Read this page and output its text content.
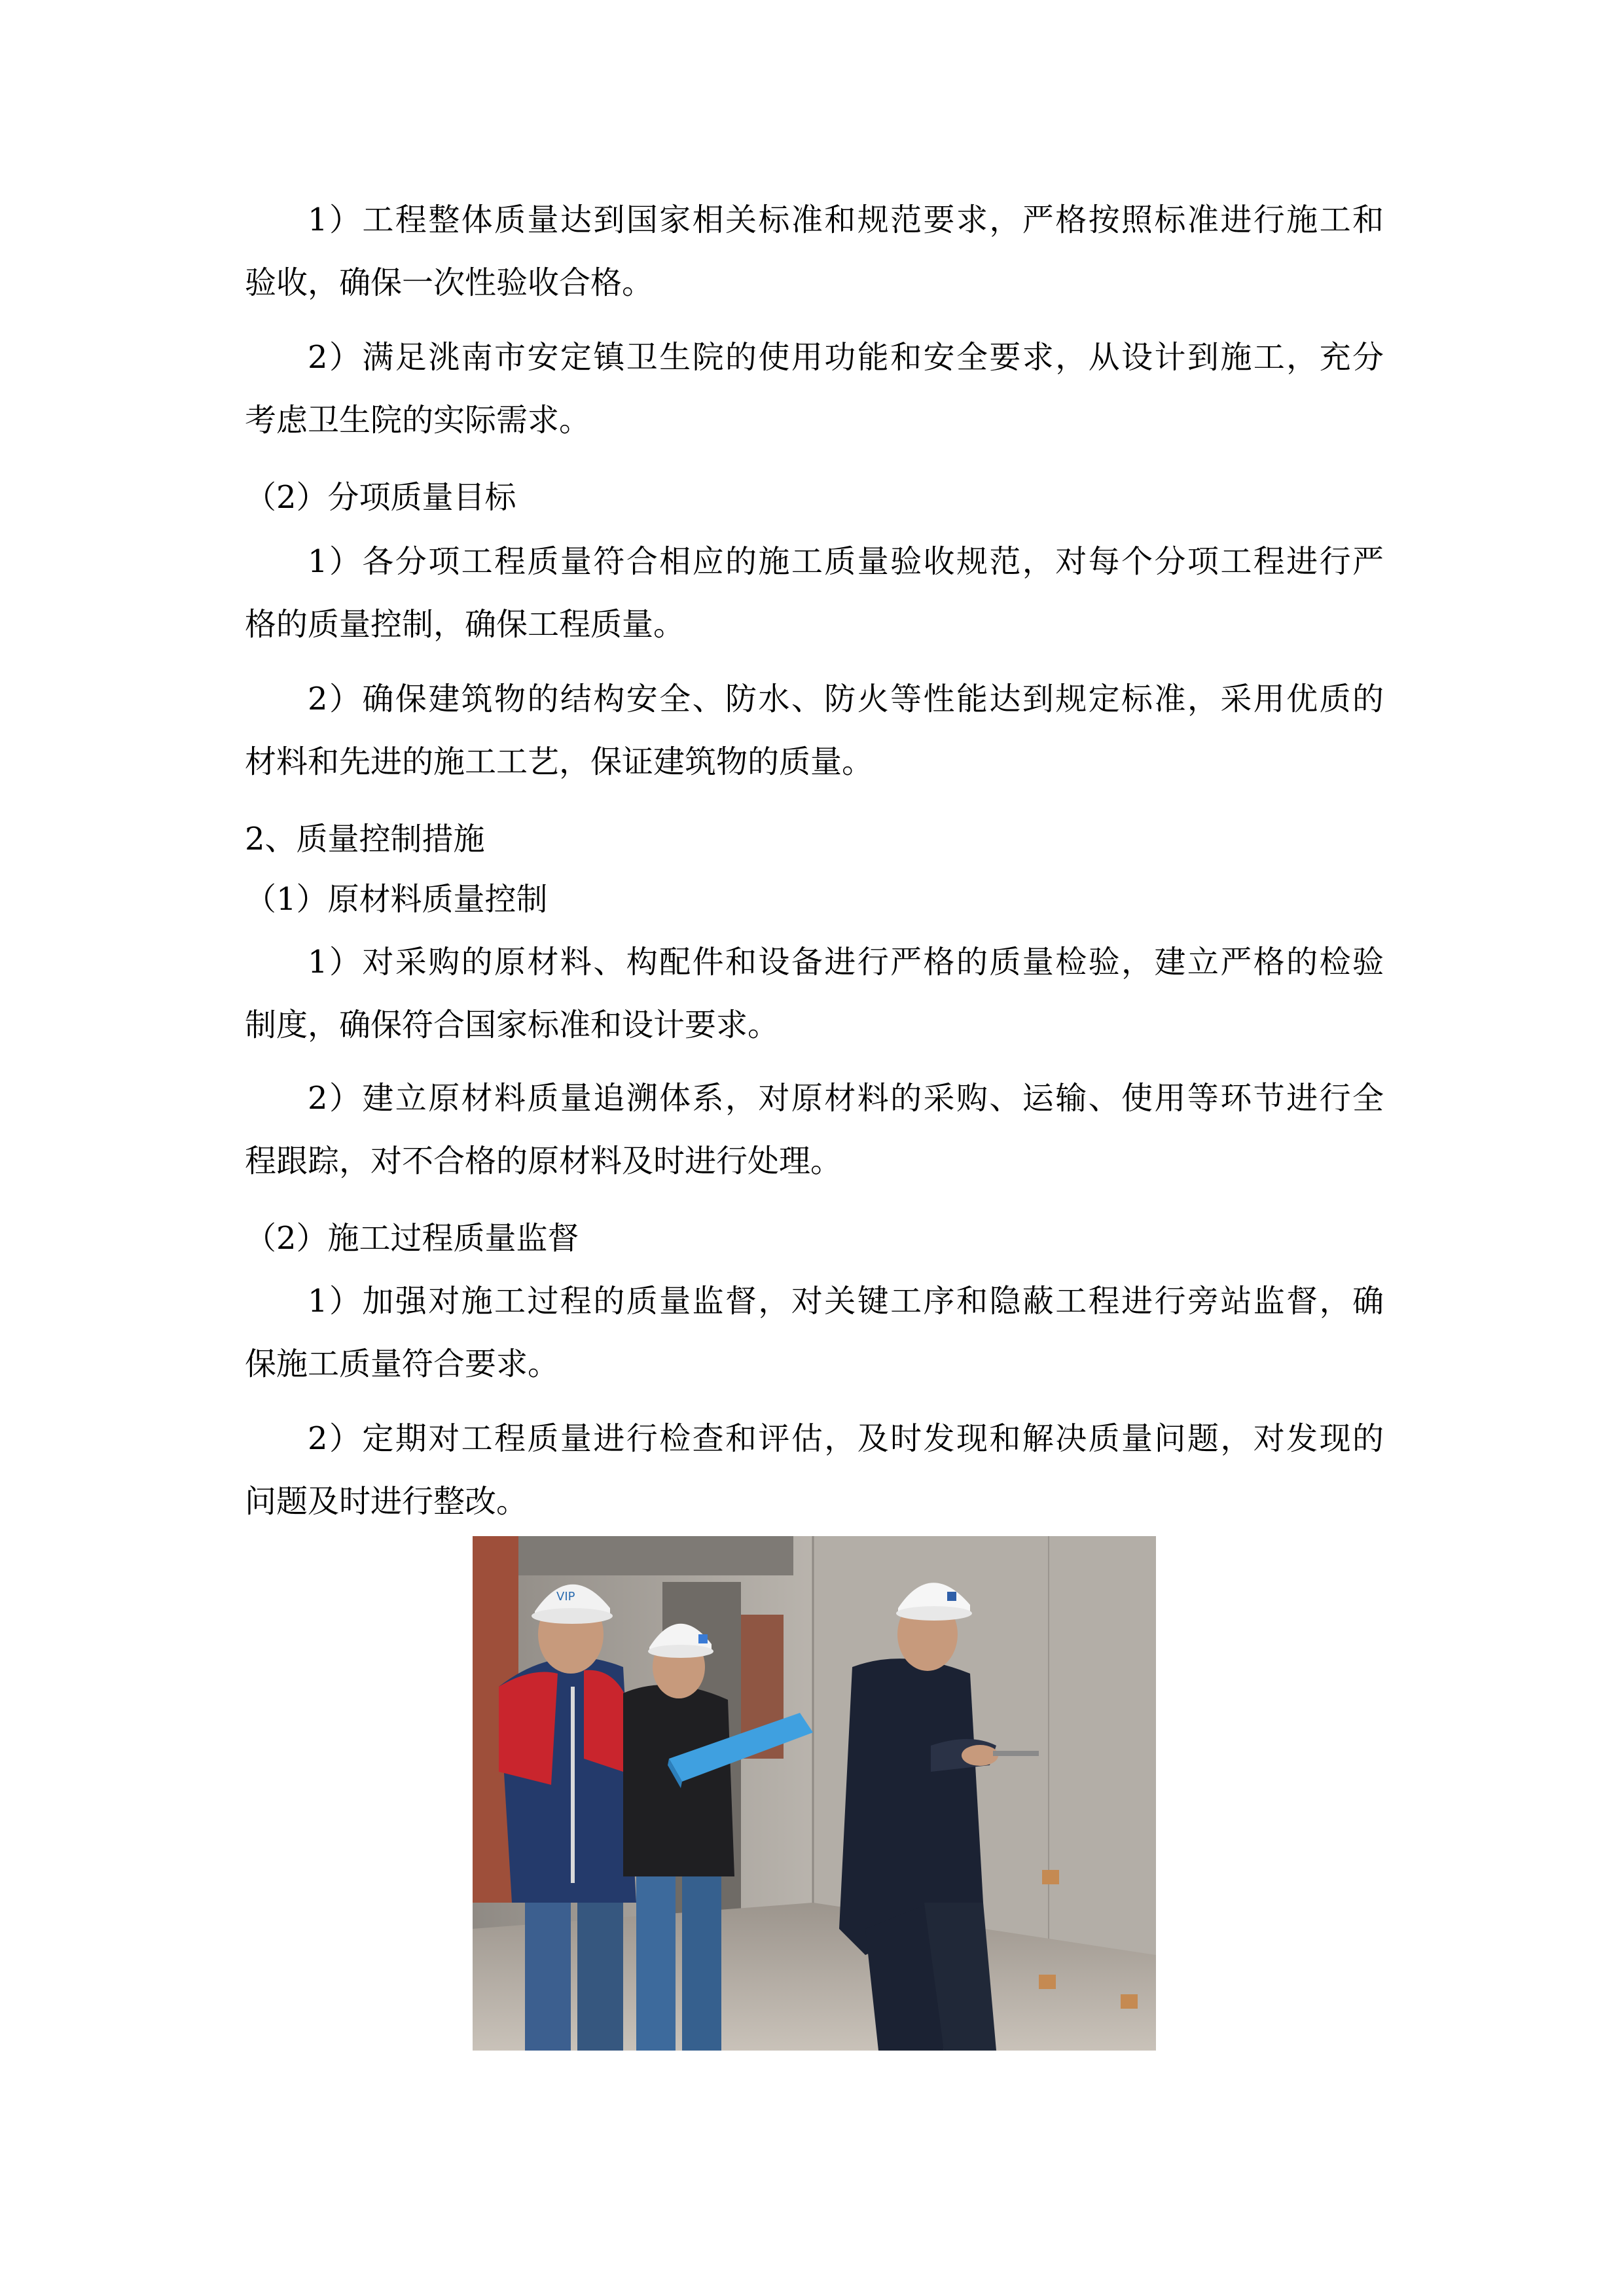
1）工程整体质量达到国家相关标准和规范要求，严格按照标准进行施工和
验收，确保一次性验收合格。
2）满足洮南市安定镇卫生院的使用功能和安全要求，从设计到施工，充分
考虑卫生院的实际需求。
（2）分项质量目标
1）各分项工程质量符合相应的施工质量验收规范，对每个分项工程进行严
格的质量控制，确保工程质量。
2）确保建筑物的结构安全、防水、防火等性能达到规定标准，采用优质的
材料和先进的施工工艺，保证建筑物的质量。
2、质量控制措施
（1）原材料质量控制
1）对采购的原材料、构配件和设备进行严格的质量检验，建立严格的检验
制度，确保符合国家标准和设计要求。
2）建立原材料质量追溯体系，对原材料的采购、运输、使用等环节进行全
程跟踪，对不合格的原材料及时进行处理。
（2）施工过程质量监督
1）加强对施工过程的质量监督，对关键工序和隐蔽工程进行旁站监督，确
保施工质量符合要求。
2）定期对工程质量进行检查和评估，及时发现和解决质量问题，对发现的
问题及时进行整改。
VIP
